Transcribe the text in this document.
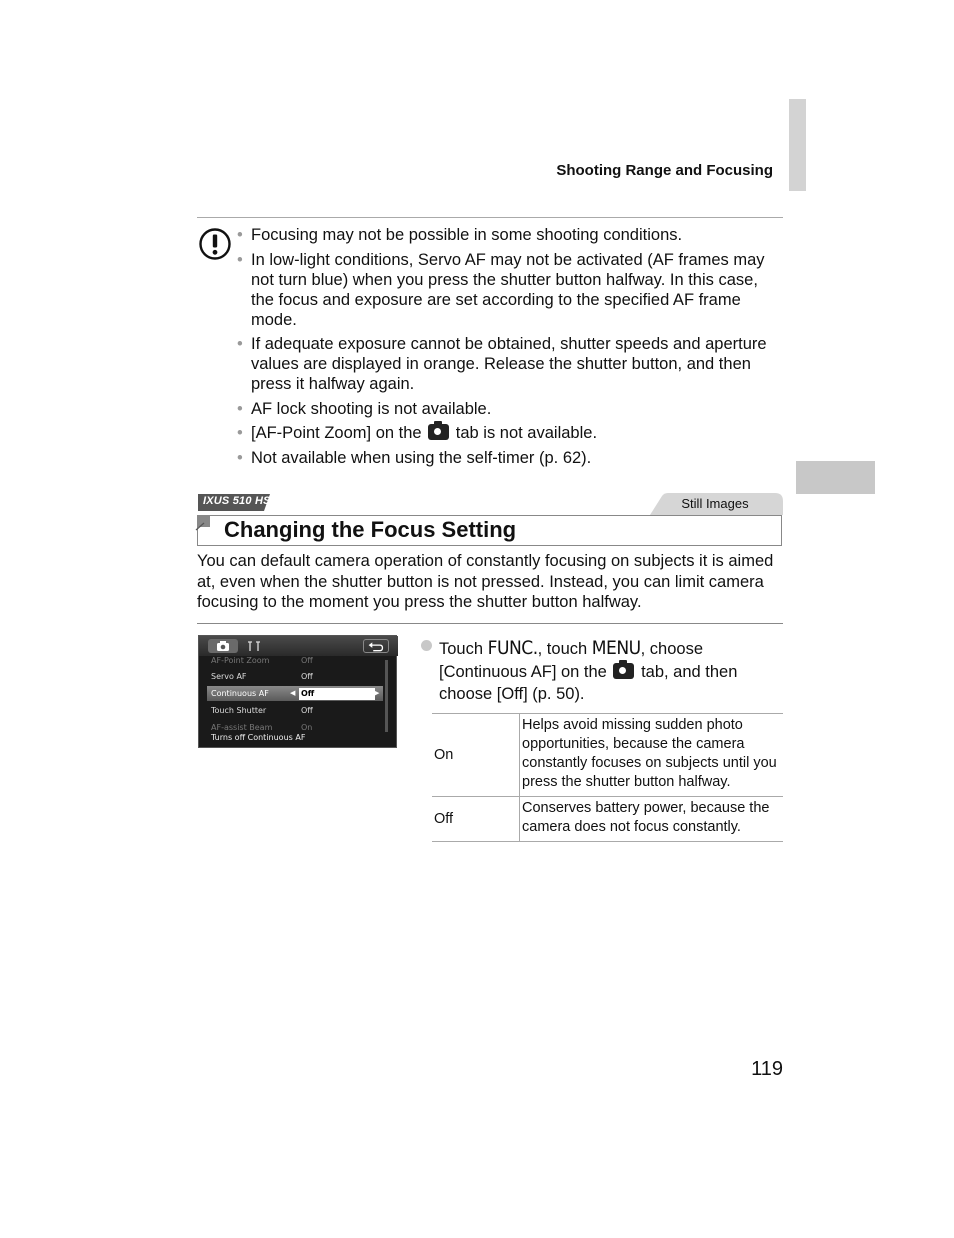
Shooting Range and Focusing
• Focusing may not be possible in some shooting conditions.
• In low-light conditions, Servo AF may not be activated (AF frames may not turn blue) when you press the shutter button halfway. In this case, the focus and exposure are set according to the specified AF frame mode.
• If adequate exposure cannot be obtained, shutter speeds and aperture values are displayed in orange. Release the shutter button, and then press it halfway again.
• AF lock shooting is not available.
• [AF-Point Zoom] on the tab is not available.
• Not available when using the self-timer (p. 62).
IXUS 510 HS	Still Images
Changing the Focus Setting
You can default camera operation of constantly focusing on subjects it is aimed at, even when the shutter button is not pressed. Instead, you can limit camera focusing to the moment you press the shutter button halfway.
AF-Point Zoom	Off
Servo AF	Off
Continuous AF	◀ Off	▶
Touch Shutter	Off
AF-assist Beam	On
Turns off Continuous AF
Touch FUNC., touch MENU, choose [Continuous AF] on the tab, and then choose [Off] (p. 50).
On	Helps avoid missing sudden photo opportunities, because the camera constantly focuses on subjects until you press the shutter button halfway.
Off	Conserves battery power, because the camera does not focus constantly.
119
